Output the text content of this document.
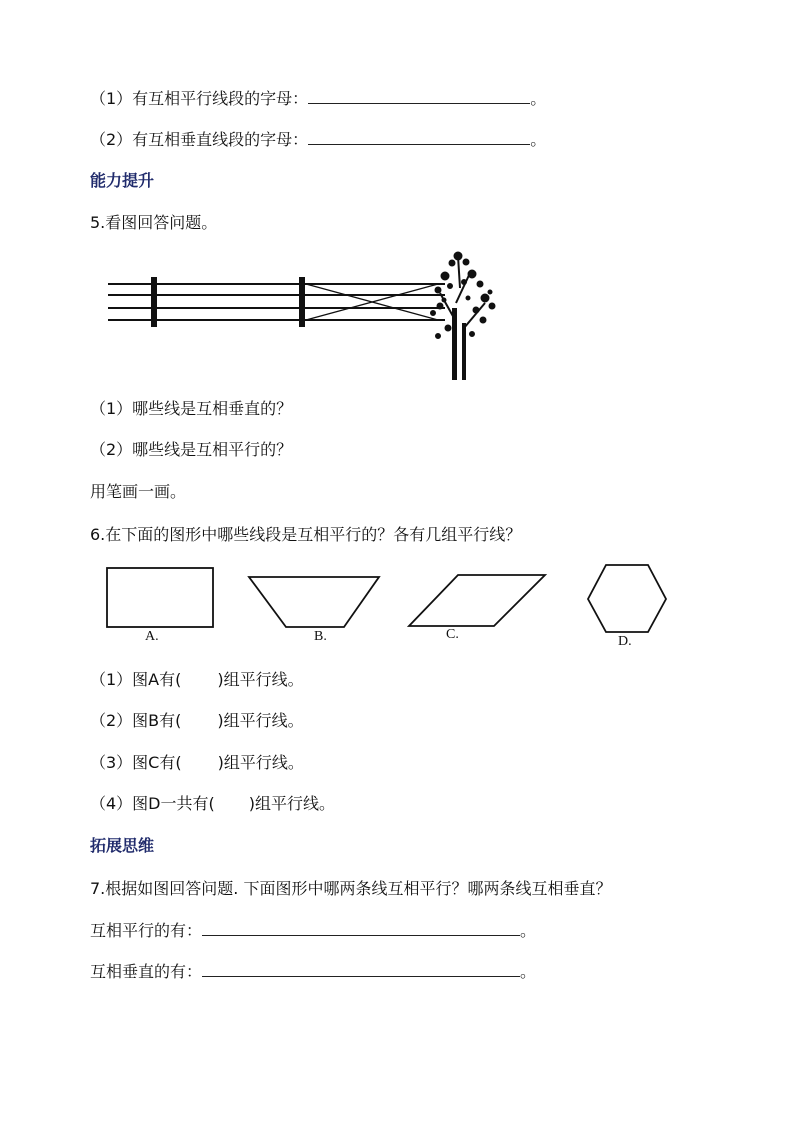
（1）有互相平行线段的字母：	。
（2）有互相垂直线段的字母：	。
能力提升
5.看图回答问题。
（1）哪些线是互相垂直的？
（2）哪些线是互相平行的？
用笔画一画。
6.在下面的图形中哪些线段是互相平行的？各有几组平行线？
A.	B.	C.	D.
（1）图A有( )组平行线。
（2）图B有( )组平行线。
（3）图C有( )组平行线。
（4）图D一共有( )组平行线。
拓展思维
7.根据如图回答问题. 下面图形中哪两条线互相平行？哪两条线互相垂直？
互相平行的有：	。
互相垂直的有：	。
